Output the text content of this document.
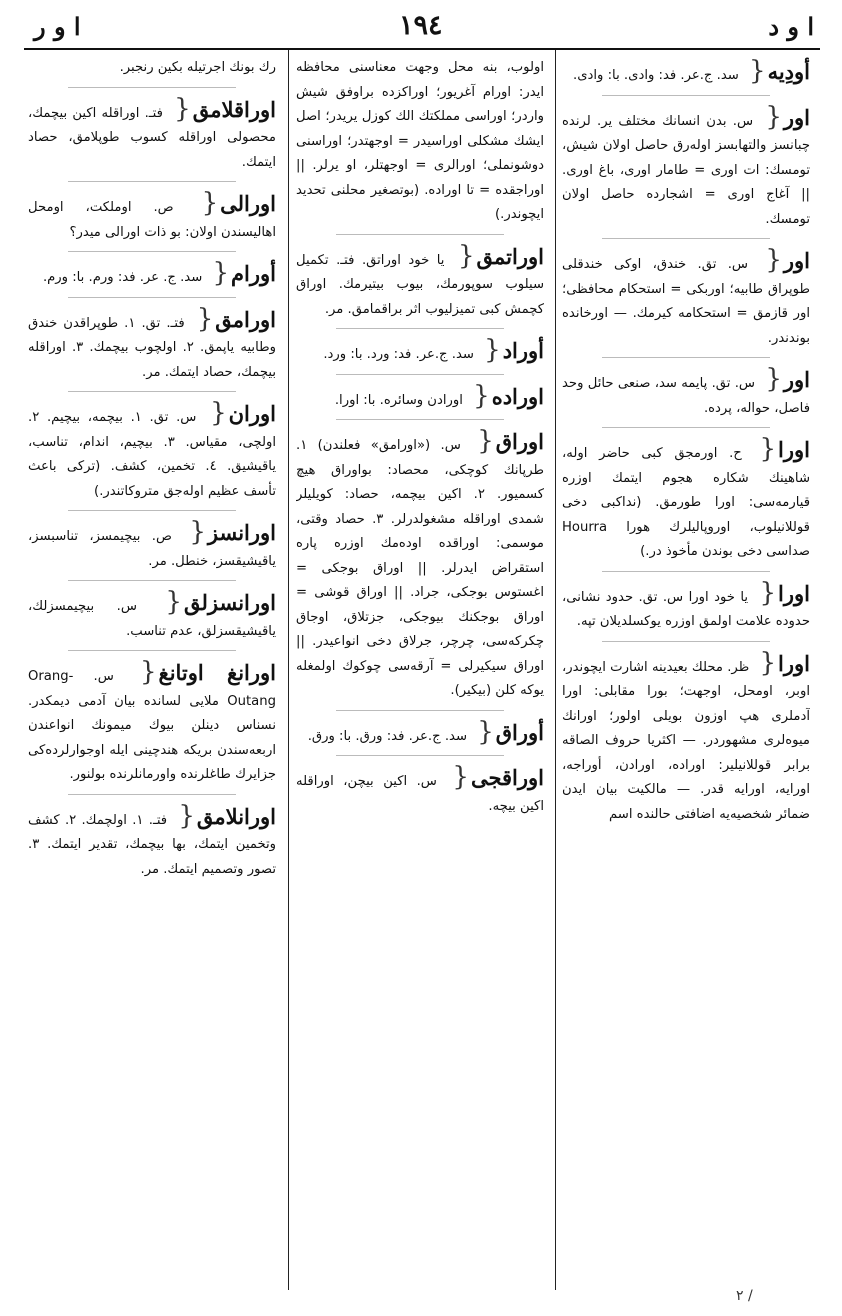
ا و ر	١٩٤	ا و د
أودِيه { سد. ج.عر. فد: وادى. با: وادى.
اور { س. بدن انسانك مختلف ير. لرنده چبانسز والتهابسز اوله‌رق حاصل اولان شيش، تومسك: ات اورى = طامار اورى، باغ اورى. || آغاج اورى = اشجارده حاصل اولان تومسك.
اور { س. تق. خندق، اوكى خندقلى طوپراق طابيه؛ اوربكى = استحكام محافظى؛ اور قازمق = استحكامه كيرمك. — اورخانده بوندندر.
اور { س. تق. پايمه سد، صنعى حائل وحد فاصل، حواله، پرده.
اورا { ح. اورمجق كبى حاضر اوله، شاهينك شكاره هجوم ايتمك اوزره قيارمه‌سى: اورا طورمق. (نداكبى دخى قوللانيلوب، اوروپاليلرك هورا Hourra صداسى دخى بوندن مأخوذ در.)
اورا { يا خود اورا س. تق. حدود نشانى، حدوده علامت اولمق اوزره يوكسلديلان تپه.
اورا { ظر. محلك بعيدينه اشارت ايچوندر، اوبر، اومحل، اوجهت؛ بورا مقابلى: اورا آدملرى هپ اوزون بويلى اولور؛ اورانك ميوه‌لرى مشهوردر. — اكثريا حروف الصاقه برابر قوللانيلير: اوراده، اورادن، أوراجه، اورايه، اورايه قدر. — مالكيت بيان ايدن ضمائر شخصيه‌يه اضافتى حالنده اسم
اولوب، بنه محل وجهت معناسنى محافظه ايدر: اورام آغريور؛ اوراكزده براوفق شيش واردر؛ اوراسى مملكتك الك كوزل يريدر؛ اصل ايشك مشكلى اوراسيدر = اوجهتدر؛ اوراسنى دوشونملى؛ اورالرى = اوجهتلر، او يرلر. || اوراجقده = تا اوراده. (بوتصغير محلنى تحديد ايچوندر.)
اوراتمق { يا خود اوراتق. فتـ. تكميل سيلوب سوپورمك، بيوب بيتيرمك. اوراق كچمش كبى تميزليوب اثر براقمامق. مر.
أوراد { سد. ج.عر. فد: ورد. با: ورد.
اوراده { اورادن وسائره. با: اورا.
اوراق { س. («اورامق» فعلندن) ١. طرپانك كوچكى، محصاد: بواوراق هيچ كسميور. ٢. اكين بيچمه، حصاد: كويليلر شمدى اوراقله مشغولدرلر. ٣. حصاد وقتى، موسمى: اوراقده اوده‌مك اوزره پاره استقراض ايدرلر. || اوراق بوجكى = اغستوس بوجكى، جراد. || اوراق قوشى = اوراق بوجكنك بيوجكى، جزتلاق، اوجاق چكركه‌سى، چرچر، جرلاق دخى انواعيدر. || اوراق سيكيرلى = آرقه‌سى چوكوك اولمغله يوكه كلن (بيكير).
أوراق { سد. ج.عر. فد: ورق. با: ورق.
اوراقجى { س. اكين بيچن، اوراقله اكين بيچه.
رك بونك اجرتيله بكين رنجبر.
اوراقلامق { فتـ. اوراقله اكين بيچمك، محصولى اوراقله كسوب طوپلامق، حصاد ايتمك.
اورالى { ص. اوملكت، اومحل اهاليسندن اولان: بو ذات اورالى ميدر؟
أورام { سد. ج. عر. فد: ورم. با: ورم.
اورامق { فتـ. تق. ١. طوپراقدن خندق وطابيه ياپمق. ٢. اولچوب بيچمك. ٣. اوراقله بيچمك، حصاد ايتمك. مر.
اوران { س. تق. ١. بيچمه، بيچيم. ٢. اولچى، مقياس. ٣. بيچيم، اندام، تناسب، ياقيشيق. ٤. تخمين، كشف. (تركى باعث تأسف عظيم اوله‌جق متروكاتندر.)
اورانسز { ص. بيچيمسز، تناسبسز، ياقيشيقسز، خنطل. مر.
اورانسزلق { س. بيچيمسزلك، ياقيشيقسزلق، عدم تناسب.
اورانغ اوتانغ { س. Orang-Outang ملايى لسانده بيان آدمى ديمكدر. نسناس دينلن بيوك ميمونك انواعندن اربعه‌سندن بريكه هندچينى ايله اوجوارلرده‌كى جزايرك طاغلرنده واورمانلرنده بولنور.
اورانلامق { فتـ. ١. اولچمك. ٢. كشف وتخمين ايتمك، بها بيچمك، تقدير ايتمك. ٣. تصور وتصميم ايتمك. مر.
۲ /
